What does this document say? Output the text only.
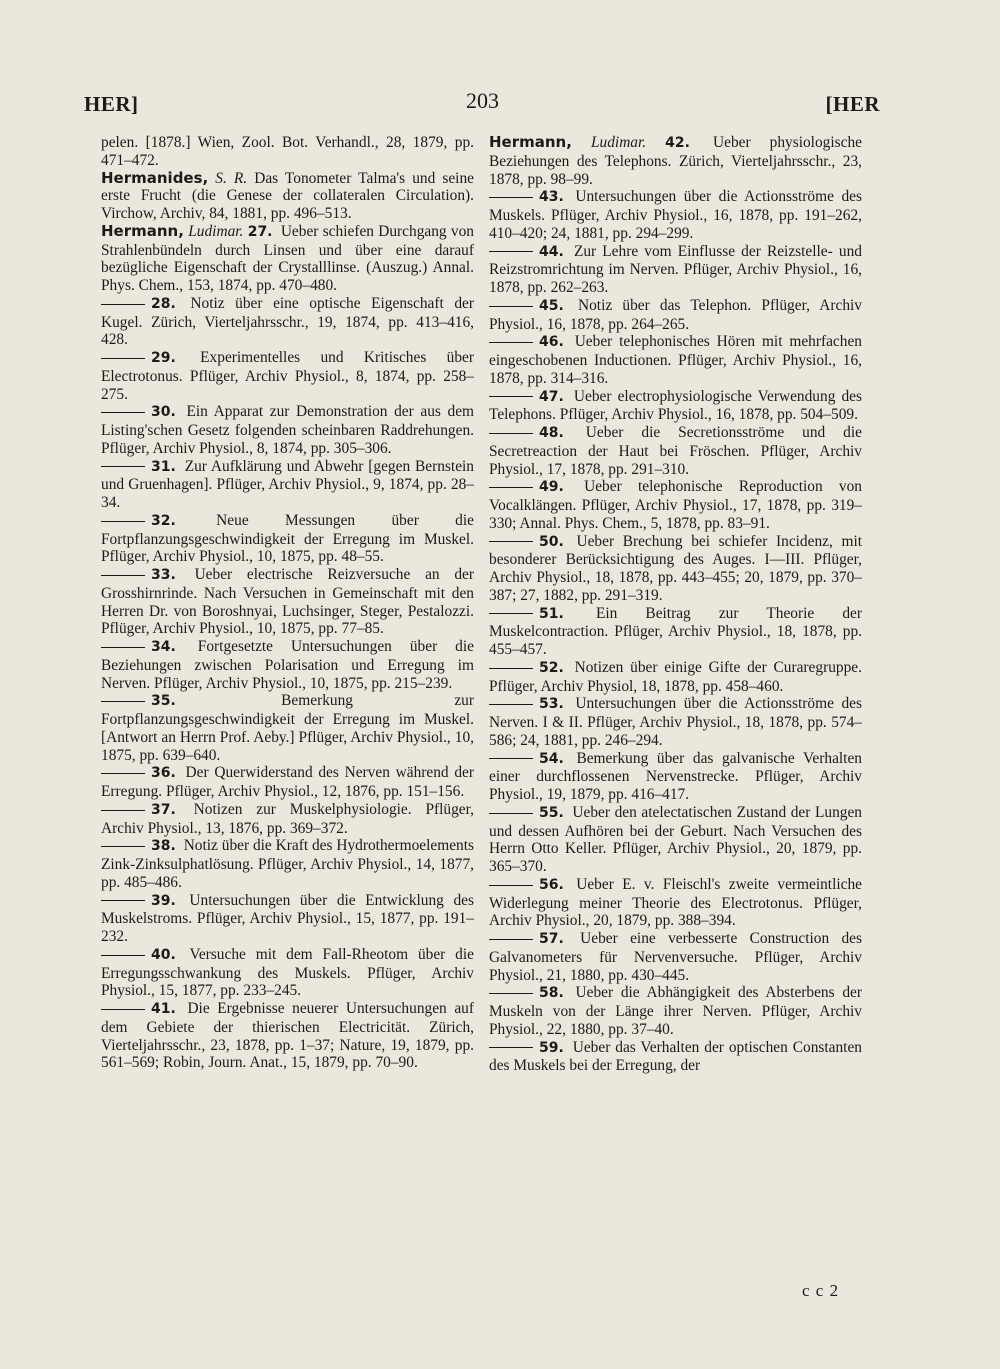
HER]	203	[HER

pelen. [1878.] Wien, Zool. Bot. Verhandl., 28, 1879, pp. 471–472.

Hermanides, S. R. Das Tonometer Talma's und seine erste Frucht (die Genese der collateralen Circulation). Virchow, Archiv, 84, 1881, pp. 496–513.

Hermann, Ludimar. 27. Ueber schiefen Durchgang von Strahlenbündeln durch Linsen und über eine darauf bezügliche Eigenschaft der Crystalllinse. (Auszug.) Annal. Phys. Chem., 153, 1874, pp. 470–480.

28. Notiz über eine optische Eigenschaft der Kugel. Zürich, Vierteljahrsschr., 19, 1874, pp. 413–416, 428.

29. Experimentelles und Kritisches über Electrotonus. Pflüger, Archiv Physiol., 8, 1874, pp. 258–275.

30. Ein Apparat zur Demonstration der aus dem Listing'schen Gesetz folgenden scheinbaren Raddrehungen. Pflüger, Archiv Physiol., 8, 1874, pp. 305–306.

31. Zur Aufklärung und Abwehr [gegen Bernstein und Gruenhagen]. Pflüger, Archiv Physiol., 9, 1874, pp. 28–34.

32.	Neue Messungen über die Fortpflanzungsgeschwindigkeit der Erregung im Muskel. Pflüger, Archiv Physiol., 10, 1875, pp. 48–55.

33. Ueber electrische Reizversuche an der Grosshirnrinde. Nach Versuchen in Gemeinschaft mit den Herren Dr. von Boroshnyai, Luchsinger, Steger, Pestalozzi. Pflüger, Archiv Physiol., 10, 1875, pp. 77–85.

34. Fortgesetzte Untersuchungen über die Beziehungen zwischen Polarisation und Erregung im Nerven. Pflüger, Archiv Physiol., 10, 1875, pp. 215–239.

35.	Bemerkung zur Fortpflanzungsgeschwindigkeit der Erregung im Muskel. [Antwort an Herrn Prof. Aeby.] Pflüger, Archiv Physiol., 10, 1875, pp. 639–640.

36. Der Querwiderstand des Nerven während der Erregung. Pflüger, Archiv Physiol., 12, 1876, pp. 151–156.

37. Notizen zur Muskelphysiologie. Pflüger, Archiv Physiol., 13, 1876, pp. 369–372.

38. Notiz über die Kraft des Hydrothermoelements Zink-Zinksulphatlösung. Pflüger, Archiv Physiol., 14, 1877, pp. 485–486.

39. Untersuchungen über die Entwicklung des Muskelstroms. Pflüger, Archiv Physiol., 15, 1877, pp. 191–232.

40. Versuche mit dem Fall-Rheotom über die Erregungsschwankung des Muskels. Pflüger, Archiv Physiol., 15, 1877, pp. 233–245.

41. Die Ergebnisse neuerer Untersuchungen auf dem Gebiete der thierischen Electricität. Zürich, Vierteljahrsschr., 23, 1878, pp. 1–37; Nature, 19, 1879, pp. 561–569; Robin, Journ. Anat., 15, 1879, pp. 70–90.

Hermann, Ludimar. 42. Ueber physiologische Beziehungen des Telephons. Zürich, Vierteljahrsschr., 23, 1878, pp. 98–99.

43. Untersuchungen über die Actionsströme des Muskels. Pflüger, Archiv Physiol., 16, 1878, pp. 191–262, 410–420; 24, 1881, pp. 294–299.

44. Zur Lehre vom Einflusse der Reizstelle- und Reizstromrichtung im Nerven. Pflüger, Archiv Physiol., 16, 1878, pp. 262–263.

45. Notiz über das Telephon. Pflüger, Archiv Physiol., 16, 1878, pp. 264–265.

46. Ueber telephonisches Hören mit mehrfachen eingeschobenen Inductionen. Pflüger, Archiv Physiol., 16, 1878, pp. 314–316.

47. Ueber electrophysiologische Verwendung des Telephons. Pflüger, Archiv Physiol., 16, 1878, pp. 504–509.

48. Ueber die Secretionsströme und die Secretreaction der Haut bei Fröschen. Pflüger, Archiv Physiol., 17, 1878, pp. 291–310.

49. Ueber telephonische Reproduction von Vocalklängen. Pflüger, Archiv Physiol., 17, 1878, pp. 319–330; Annal. Phys. Chem., 5, 1878, pp. 83–91.

50. Ueber Brechung bei schiefer Incidenz, mit besonderer Berücksichtigung des Auges. I—III. Pflüger, Archiv Physiol., 18, 1878, pp. 443–455; 20, 1879, pp. 370–387; 27, 1882, pp. 291–319.

51. Ein Beitrag zur Theorie der Muskelcontraction. Pflüger, Archiv Physiol., 18, 1878, pp. 455–457.

52. Notizen über einige Gifte der Curaregruppe. Pflüger, Archiv Physiol, 18, 1878, pp. 458–460.

53. Untersuchungen über die Actionsströme des Nerven. I & II. Pflüger, Archiv Physiol., 18, 1878, pp. 574–586; 24, 1881, pp. 246–294.

54. Bemerkung über das galvanische Verhalten einer durchflossenen Nervenstrecke. Pflüger, Archiv Physiol., 19, 1879, pp. 416–417.

55. Ueber den atelectatischen Zustand der Lungen und dessen Aufhören bei der Geburt. Nach Versuchen des Herrn Otto Keller. Pflüger, Archiv Physiol., 20, 1879, pp. 365–370.

56. Ueber E. v. Fleischl's zweite vermeintliche Widerlegung meiner Theorie des Electrotonus. Pflüger, Archiv Physiol., 20, 1879, pp. 388–394.

57. Ueber eine verbesserte Construction des Galvanometers für Nervenversuche. Pflüger, Archiv Physiol., 21, 1880, pp. 430–445.

58. Ueber die Abhängigkeit des Absterbens der Muskeln von der Länge ihrer Nerven. Pflüger, Archiv Physiol., 22, 1880, pp. 37–40.

59. Ueber das Verhalten der optischen Constanten des Muskels bei der Erregung, der

c c 2
